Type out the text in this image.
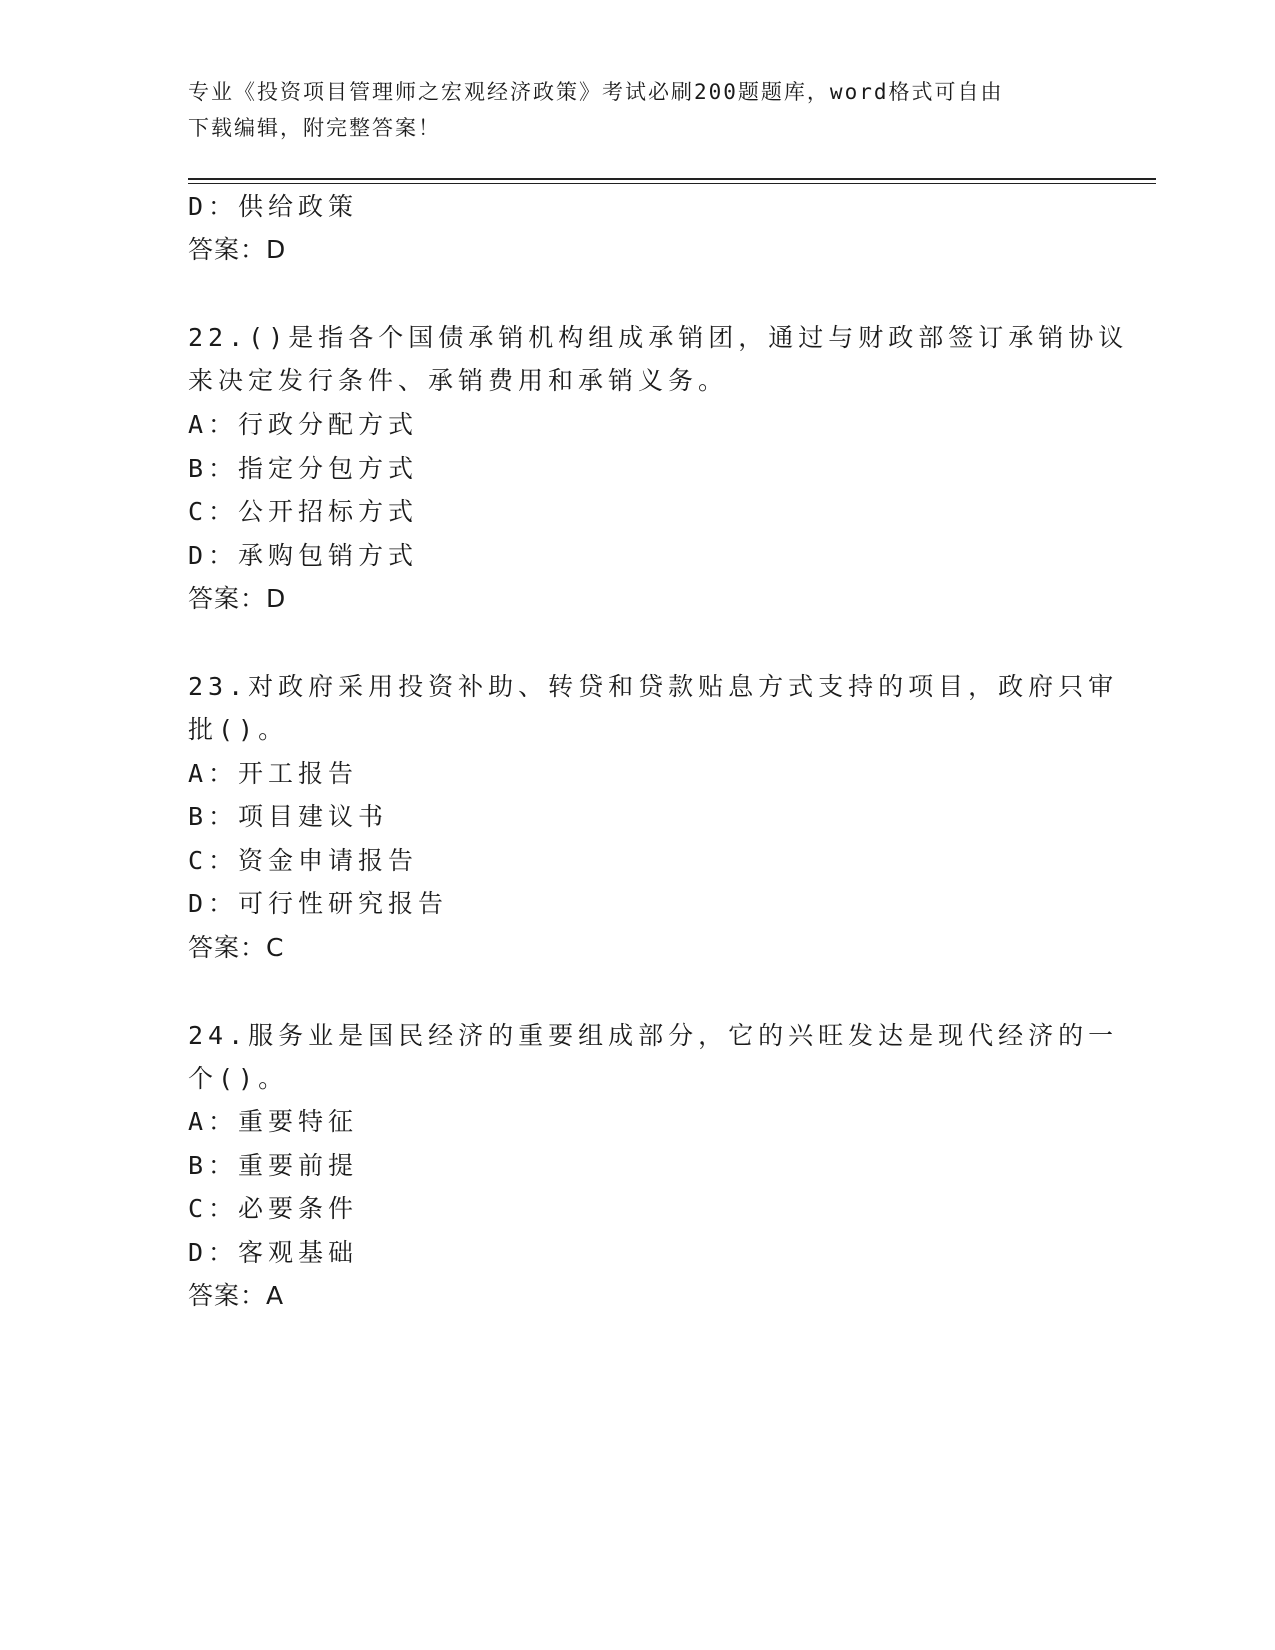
专业《投资项目管理师之宏观经济政策》考试必刷200题题库，word格式可自由
下载编辑，附完整答案！
D：供给政策
答案：D
22.()是指各个国债承销机构组成承销团，通过与财政部签订承销协议
来决定发行条件、承销费用和承销义务。
A：行政分配方式
B：指定分包方式
C：公开招标方式
D：承购包销方式
答案：D
23.对政府采用投资补助、转贷和贷款贴息方式支持的项目，政府只审
批()。
A：开工报告
B：项目建议书
C：资金申请报告
D：可行性研究报告
答案：C
24.服务业是国民经济的重要组成部分，它的兴旺发达是现代经济的一
个()。
A：重要特征
B：重要前提
C：必要条件
D：客观基础
答案：A
